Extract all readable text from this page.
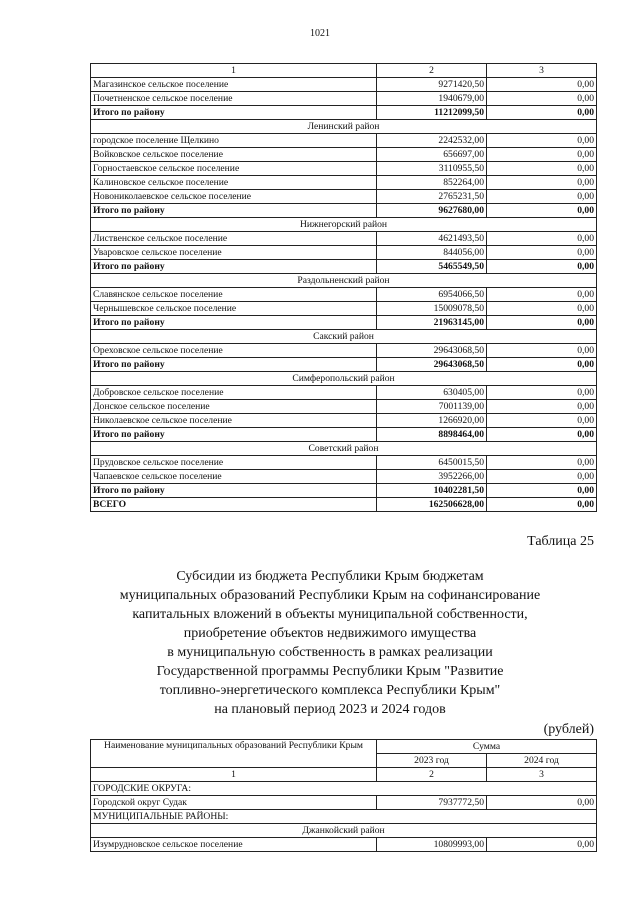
1021
1	2	3
Магазинское сельское поселение	9271420,50	0,00
Почетненское сельское поселение	1940679,00	0,00
Итого по району	11212099,50	0,00
Ленинский район		
городское поселение Щелкино	2242532,00	0,00
Войковское сельское поселение	656697,00	0,00
Горностаевское сельское поселение	3110955,50	0,00
Калиновское сельское поселение	852264,00	0,00
Новониколаевское сельское поселение	2765231,50	0,00
Итого по району	9627680,00	0,00
Нижнегорский район		
Лиственское сельское поселение	4621493,50	0,00
Уваровское сельское поселение	844056,00	0,00
Итого по району	5465549,50	0,00
Раздольненский район		
Славянское сельское поселение	6954066,50	0,00
Чернышевское сельское поселение	15009078,50	0,00
Итого по району	21963145,00	0,00
Сакский район		
Ореховское сельское поселение	29643068,50	0,00
Итого по району	29643068,50	0,00
Симферопольский район		
Добровское сельское поселение	630405,00	0,00
Донское сельское поселение	7001139,00	0,00
Николаевское сельское поселение	1266920,00	0,00
Итого по району	8898464,00	0,00
Советский район		
Прудовское сельское поселение	6450015,50	0,00
Чапаевское сельское поселение	3952266,00	0,00
Итого по району	10402281,50	0,00
ВСЕГО	162506628,00	0,00
Таблица 25
Субсидии из бюджета Республики Крым бюджетам
муниципальных образований Республики Крым на софинансирование
капитальных вложений в объекты муниципальной собственности,
приобретение объектов недвижимого имущества
в муниципальную собственность в рамках реализации
Государственной программы Республики Крым "Развитие
топливно-энергетического комплекса Республики Крым"
на плановый период 2023 и 2024 годов
(рублей)
Наименование муниципальных образований Республики Крым	Сумма	
	2023 год	2024 год
1	2	3
ГОРОДСКИЕ ОКРУГА:		
Городской округ Судак	7937772,50	0,00
МУНИЦИПАЛЬНЫЕ РАЙОНЫ:		
Джанкойский район		
Изумрудновское сельское поселение	10809993,00	0,00
